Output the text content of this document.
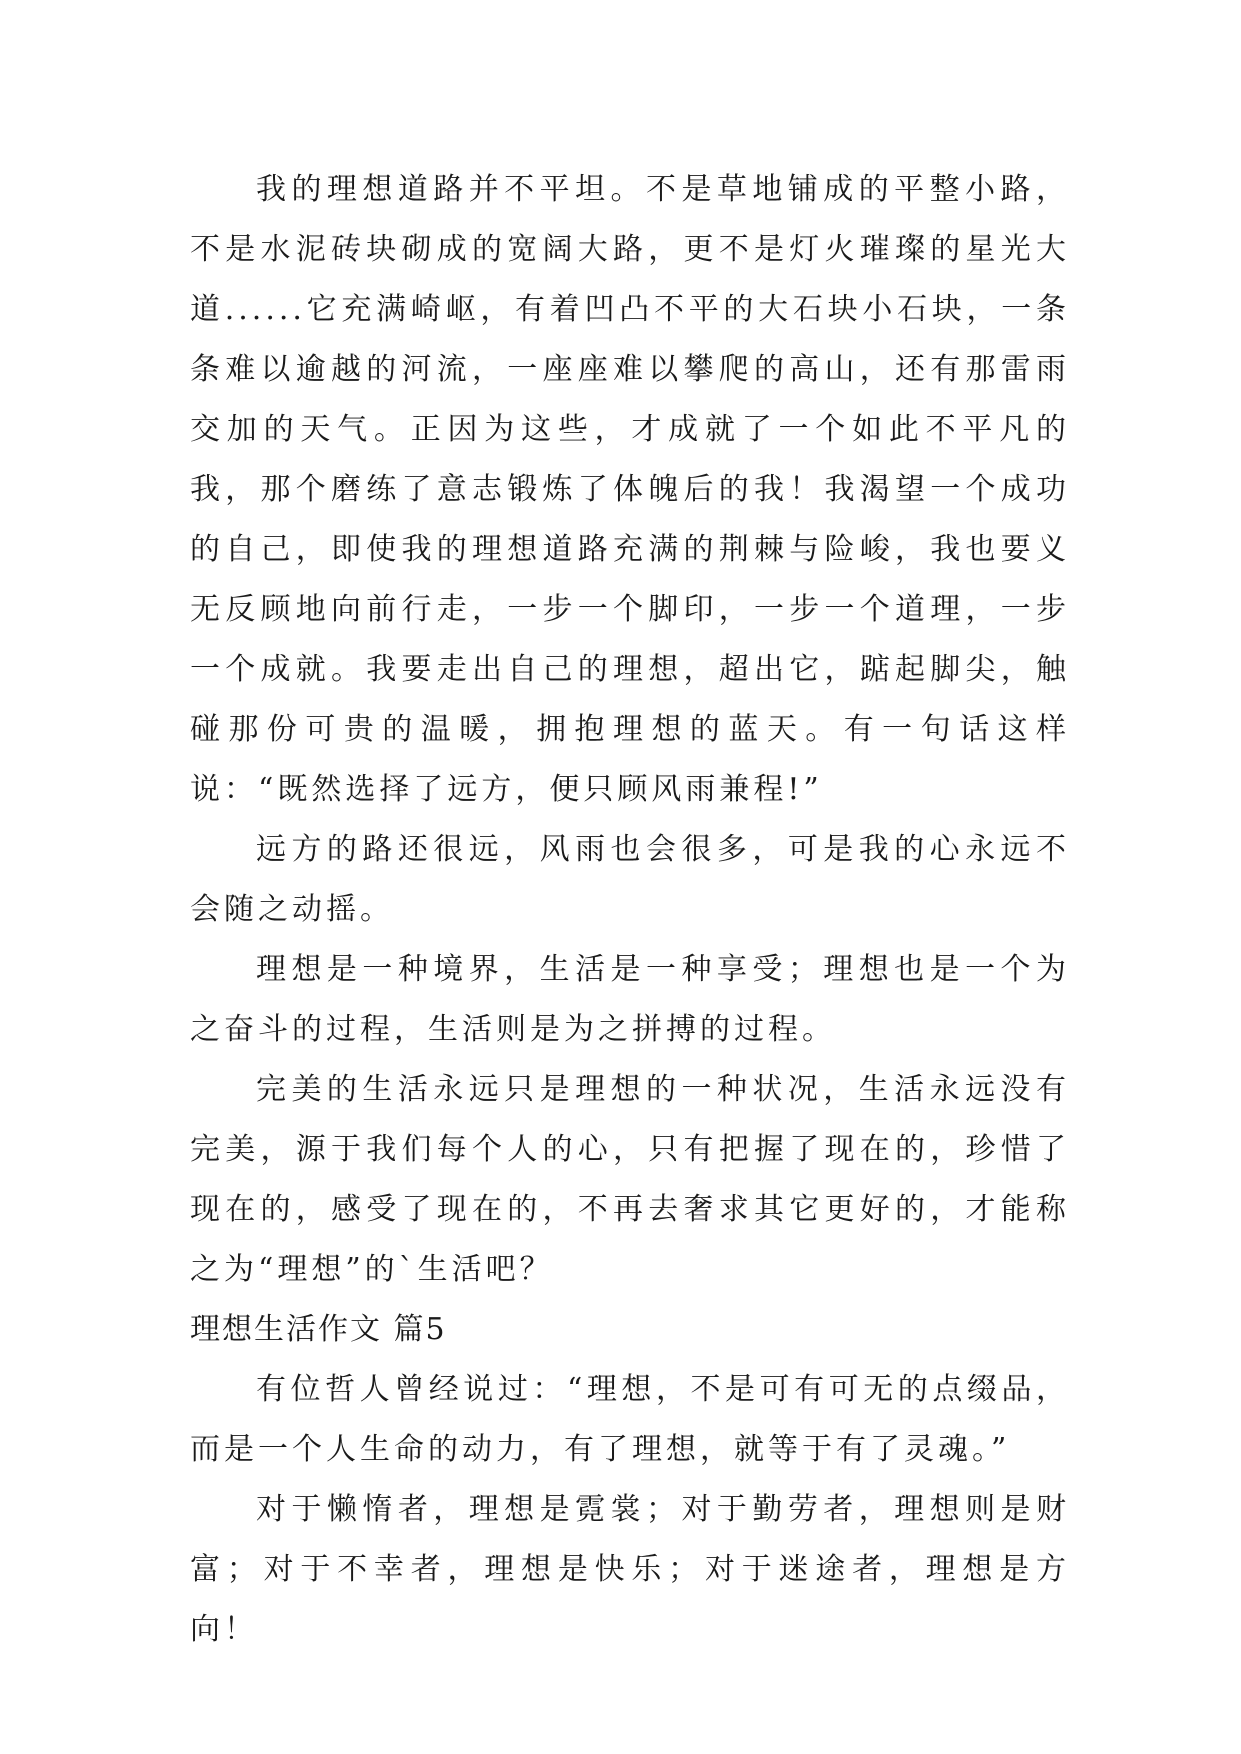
我的理想道路并不平坦。不是草地铺成的平整小路，不是水泥砖块砌成的宽阔大路，更不是灯火璀璨的星光大道......它充满崎岖，有着凹凸不平的大石块小石块，一条条难以逾越的河流，一座座难以攀爬的高山，还有那雷雨交加的天气。正因为这些，才成就了一个如此不平凡的我，那个磨练了意志锻炼了体魄后的我！我渴望一个成功的自己，即使我的理想道路充满的荆棘与险峻，我也要义无反顾地向前行走，一步一个脚印，一步一个道理，一步一个成就。我要走出自己的理想，超出它，踮起脚尖，触碰那份可贵的温暖，拥抱理想的蓝天。有一句话这样说：“既然选择了远方，便只顾风雨兼程!”

远方的路还很远，风雨也会很多，可是我的心永远不会随之动摇。

理想是一种境界，生活是一种享受；理想也是一个为之奋斗的过程，生活则是为之拼搏的过程。

完美的生活永远只是理想的一种状况，生活永远没有完美，源于我们每个人的心，只有把握了现在的，珍惜了现在的，感受了现在的，不再去奢求其它更好的，才能称之为“理想”的`生活吧？

理想生活作文 篇5

有位哲人曾经说过：“理想，不是可有可无的点缀品，而是一个人生命的动力，有了理想，就等于有了灵魂。”

对于懒惰者，理想是霓裳；对于勤劳者，理想则是财富；对于不幸者，理想是快乐；对于迷途者，理想是方向！
